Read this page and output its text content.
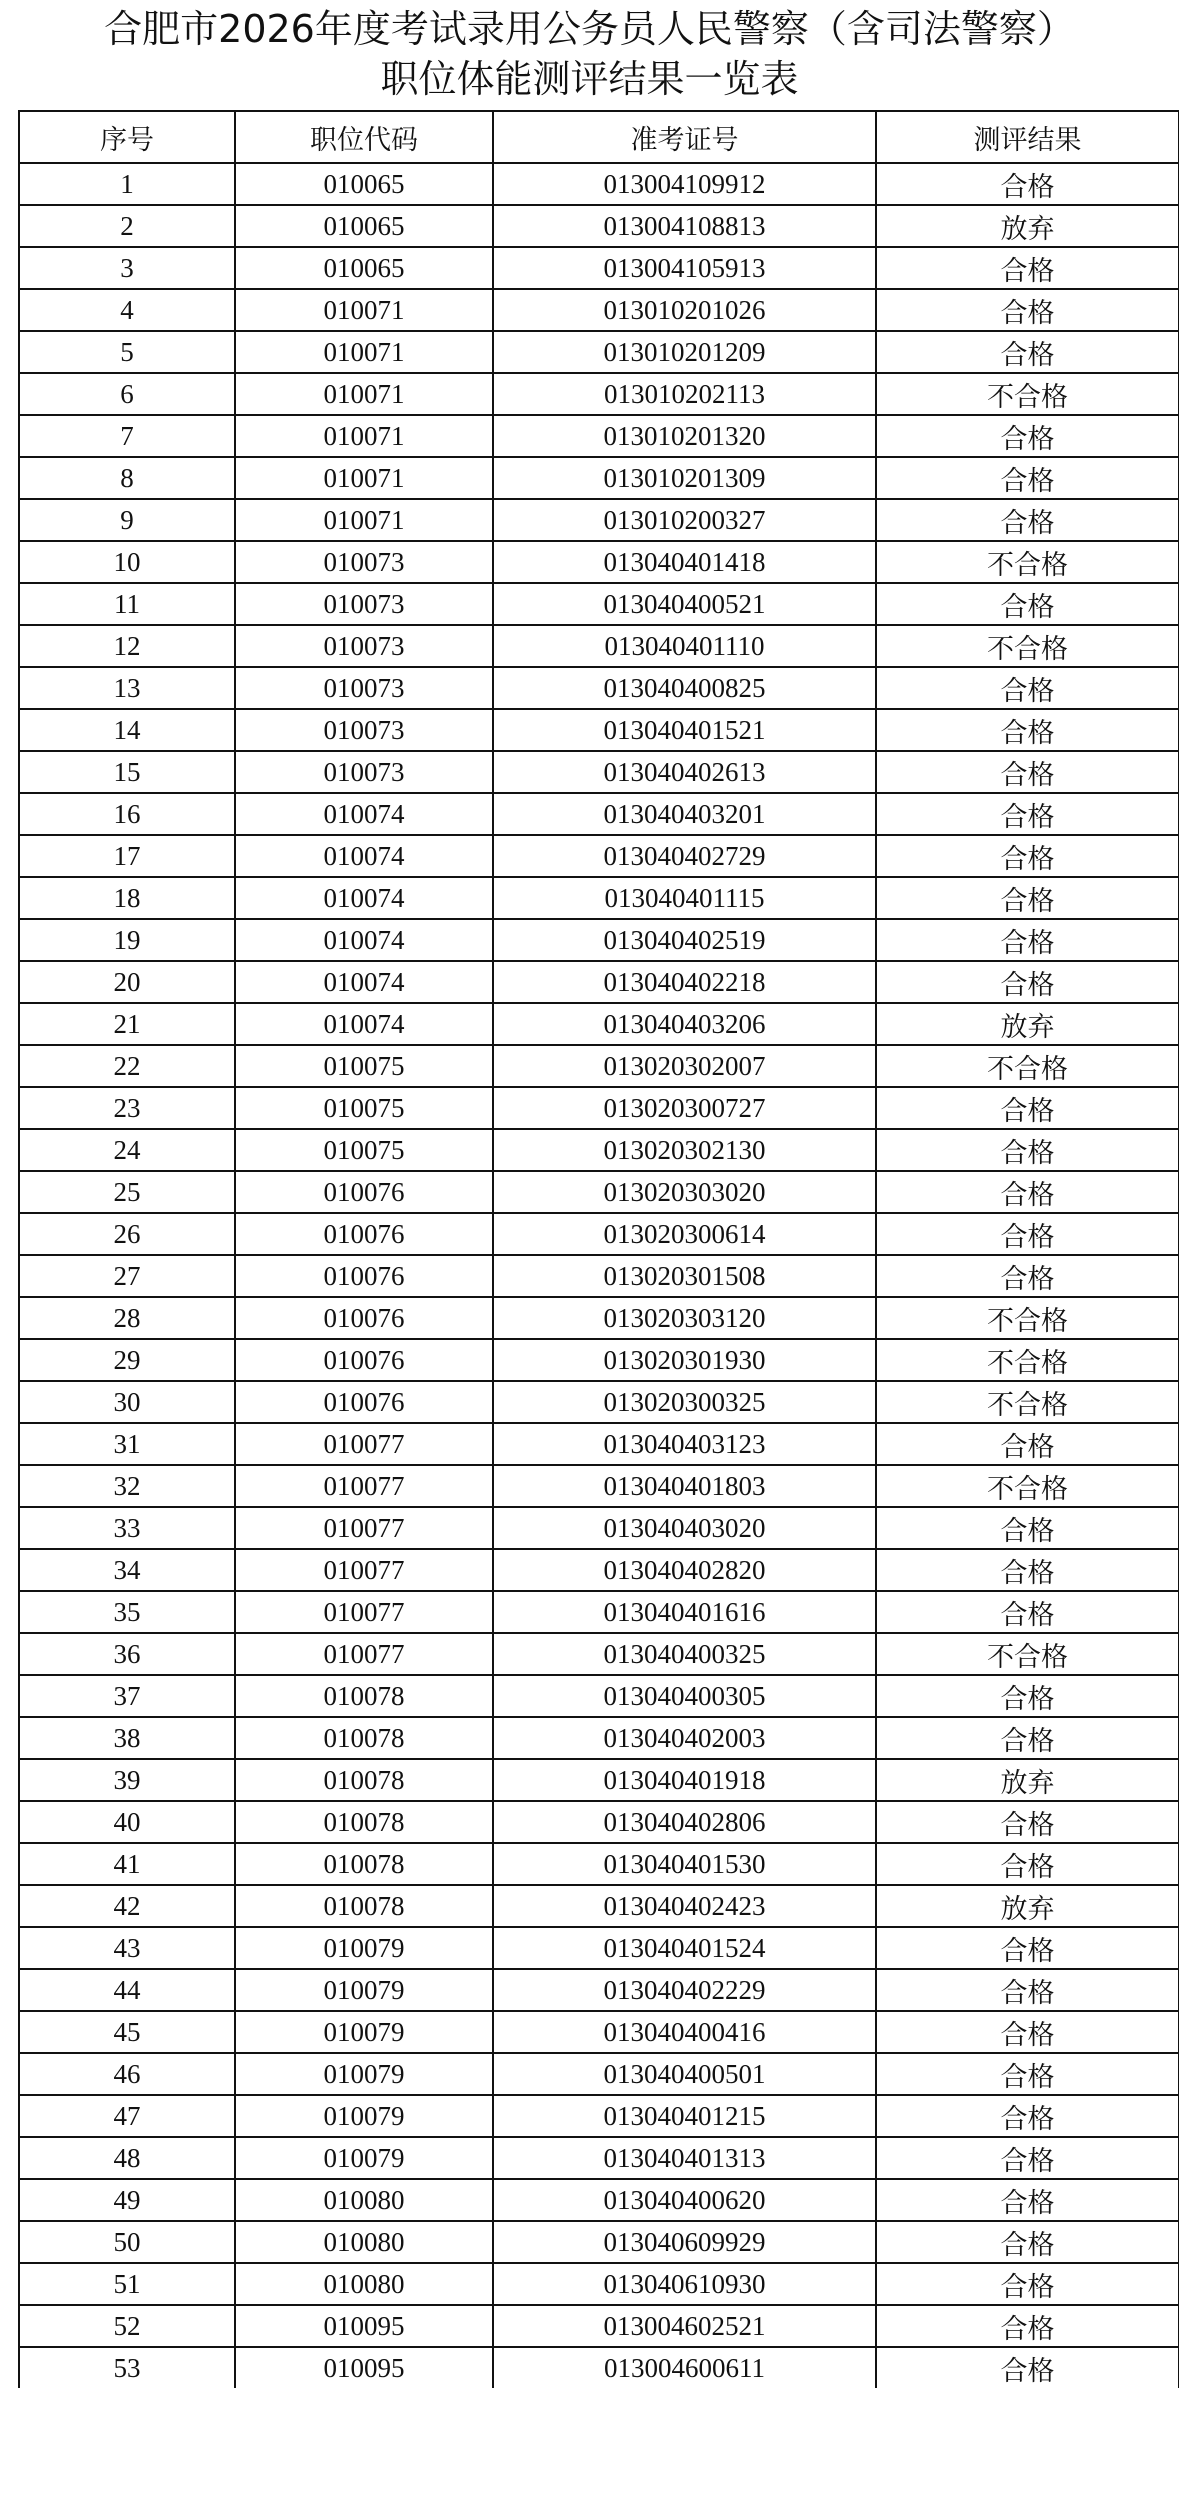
合肥市2026年度考试录用公务员人民警察（含司法警察）
职位体能测评结果一览表
序号	职位代码	准考证号	测评结果
1	010065	013004109912	合格
2	010065	013004108813	放弃
3	010065	013004105913	合格
4	010071	013010201026	合格
5	010071	013010201209	合格
6	010071	013010202113	不合格
7	010071	013010201320	合格
8	010071	013010201309	合格
9	010071	013010200327	合格
10	010073	013040401418	不合格
11	010073	013040400521	合格
12	010073	013040401110	不合格
13	010073	013040400825	合格
14	010073	013040401521	合格
15	010073	013040402613	合格
16	010074	013040403201	合格
17	010074	013040402729	合格
18	010074	013040401115	合格
19	010074	013040402519	合格
20	010074	013040402218	合格
21	010074	013040403206	放弃
22	010075	013020302007	不合格
23	010075	013020300727	合格
24	010075	013020302130	合格
25	010076	013020303020	合格
26	010076	013020300614	合格
27	010076	013020301508	合格
28	010076	013020303120	不合格
29	010076	013020301930	不合格
30	010076	013020300325	不合格
31	010077	013040403123	合格
32	010077	013040401803	不合格
33	010077	013040403020	合格
34	010077	013040402820	合格
35	010077	013040401616	合格
36	010077	013040400325	不合格
37	010078	013040400305	合格
38	010078	013040402003	合格
39	010078	013040401918	放弃
40	010078	013040402806	合格
41	010078	013040401530	合格
42	010078	013040402423	放弃
43	010079	013040401524	合格
44	010079	013040402229	合格
45	010079	013040400416	合格
46	010079	013040400501	合格
47	010079	013040401215	合格
48	010079	013040401313	合格
49	010080	013040400620	合格
50	010080	013040609929	合格
51	010080	013040610930	合格
52	010095	013004602521	合格
53	010095	013004600611	合格
